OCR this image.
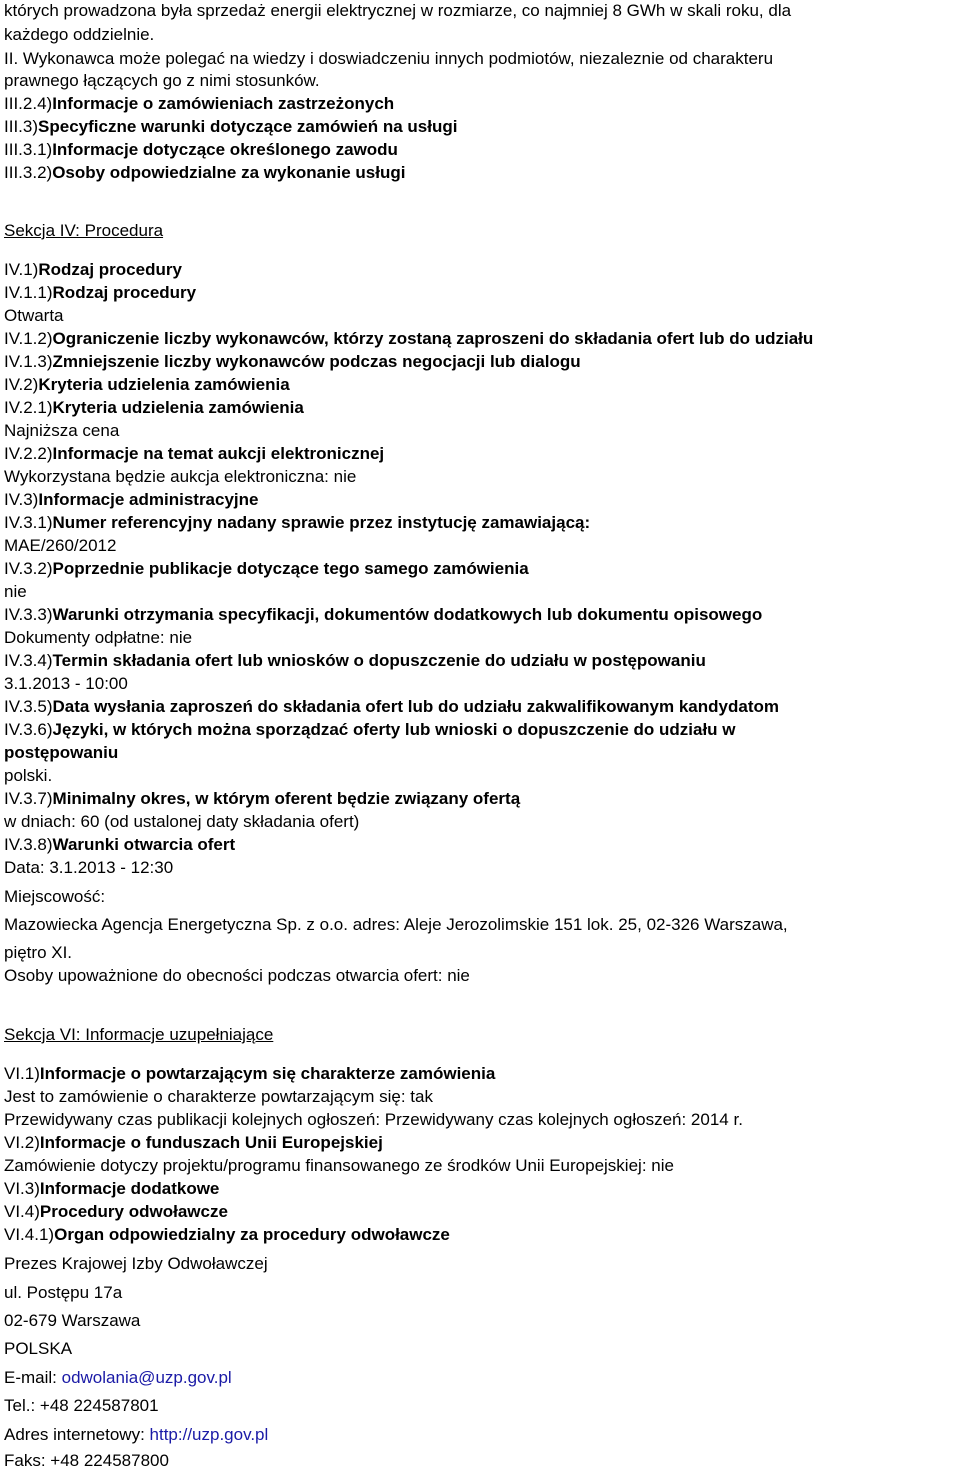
których prowadzona była sprzedaż energii elektrycznej w rozmiarze, co najmniej 8 GWh w skali roku, dla
każdego oddzielnie.
II. Wykonawca może polegać na wiedzy i doswiadczeniu innych podmiotów, niezaleznie od charakteru
prawnego łączących go z nimi stosunków.
III.2.4)Informacje o zamówieniach zastrzeżonych
III.3)Specyficzne warunki dotyczące zamówień na usługi
III.3.1)Informacje dotyczące określonego zawodu
III.3.2)Osoby odpowiedzialne za wykonanie usługi
Sekcja IV: Procedura
IV.1)Rodzaj procedury
IV.1.1)Rodzaj procedury
Otwarta
IV.1.2)Ograniczenie liczby wykonawców, którzy zostaną zaproszeni do składania ofert lub do udziału
IV.1.3)Zmniejszenie liczby wykonawców podczas negocjacji lub dialogu
IV.2)Kryteria udzielenia zamówienia
IV.2.1)Kryteria udzielenia zamówienia
Najniższa cena
IV.2.2)Informacje na temat aukcji elektronicznej
Wykorzystana będzie aukcja elektroniczna: nie
IV.3)Informacje administracyjne
IV.3.1)Numer referencyjny nadany sprawie przez instytucję zamawiającą:
MAE/260/2012
IV.3.2)Poprzednie publikacje dotyczące tego samego zamówienia
nie
IV.3.3)Warunki otrzymania specyfikacji, dokumentów dodatkowych lub dokumentu opisowego
Dokumenty odpłatne: nie
IV.3.4)Termin składania ofert lub wniosków o dopuszczenie do udziału w postępowaniu
3.1.2013 - 10:00
IV.3.5)Data wysłania zaproszeń do składania ofert lub do udziału zakwalifikowanym kandydatom
IV.3.6)Języki, w których można sporządzać oferty lub wnioski o dopuszczenie do udziału w
postępowaniu
polski.
IV.3.7)Minimalny okres, w którym oferent będzie związany ofertą
w dniach: 60 (od ustalonej daty składania ofert)
IV.3.8)Warunki otwarcia ofert
Data: 3.1.2013 - 12:30
Miejscowość:
Mazowiecka Agencja Energetyczna Sp. z o.o. adres: Aleje Jerozolimskie 151 lok. 25, 02-326 Warszawa,
piętro XI.
Osoby upoważnione do obecności podczas otwarcia ofert: nie
Sekcja VI: Informacje uzupełniające
VI.1)Informacje o powtarzającym się charakterze zamówienia
Jest to zamówienie o charakterze powtarzającym się: tak
Przewidywany czas publikacji kolejnych ogłoszeń: Przewidywany czas kolejnych ogłoszeń: 2014 r.
VI.2)Informacje o funduszach Unii Europejskiej
Zamówienie dotyczy projektu/programu finansowanego ze środków Unii Europejskiej: nie
VI.3)Informacje dodatkowe
VI.4)Procedury odwoławcze
VI.4.1)Organ odpowiedzialny za procedury odwoławcze
Prezes Krajowej Izby Odwoławczej
ul. Postępu 17a
02-679 Warszawa
POLSKA
E-mail: odwolania@uzp.gov.pl
Tel.: +48 224587801
Adres internetowy: http://uzp.gov.pl
Faks: +48 224587800
